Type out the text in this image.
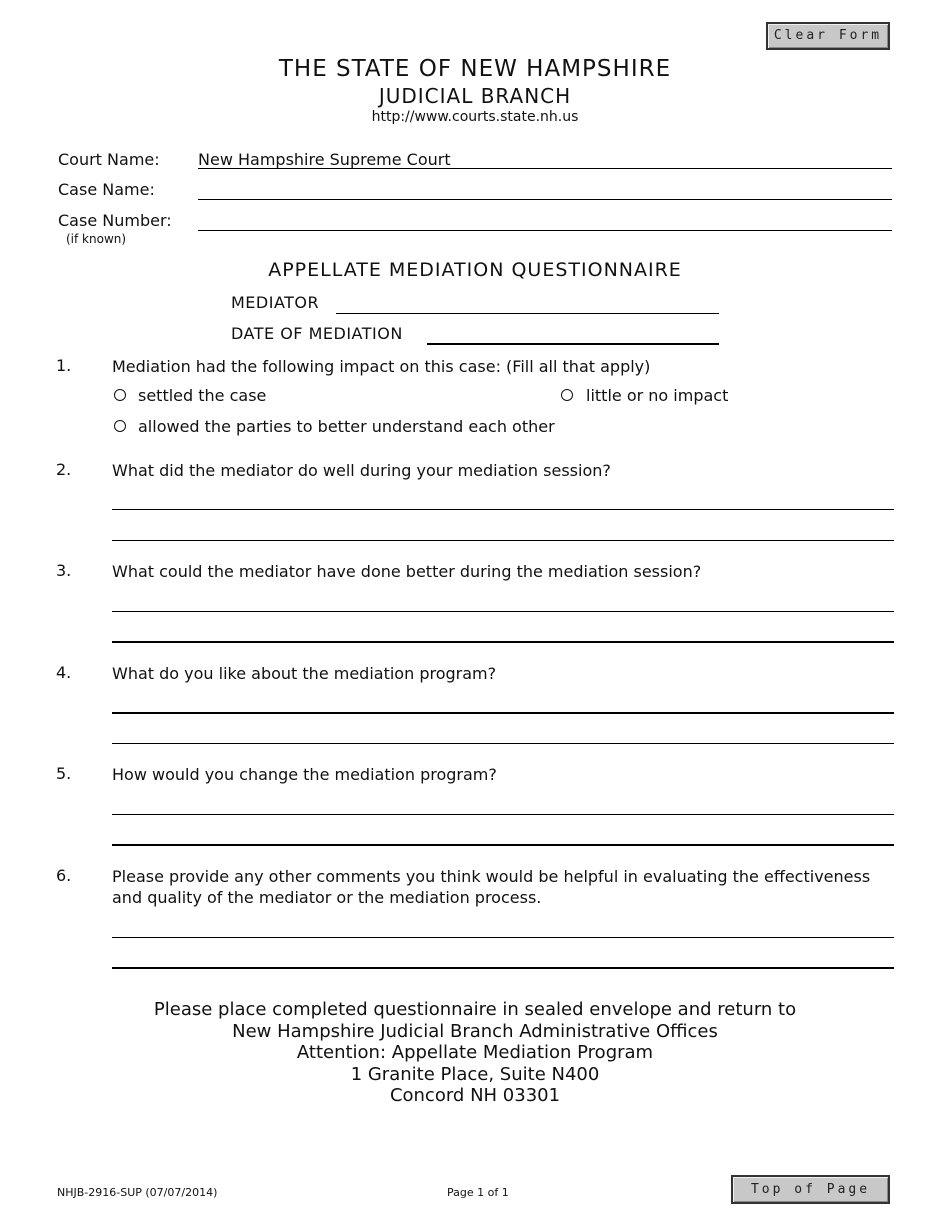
Clear Form
THE STATE OF NEW HAMPSHIRE
JUDICIAL BRANCH
http://www.courts.state.nh.us
Court Name: New Hampshire Supreme Court
Case Name:
Case Number:
(if known)
APPELLATE MEDIATION QUESTIONNAIRE
MEDIATOR
DATE OF MEDIATION
1.	Mediation had the following impact on this case: (Fill all that apply)
settled the case	little or no impact
allowed the parties to better understand each other
2.	What did the mediator do well during your mediation session?
3.	What could the mediator have done better during the mediation session?
4.	What do you like about the mediation program?
5.	How would you change the mediation program?
6.	Please provide any other comments you think would be helpful in evaluating the effectiveness and quality of the mediator or the mediation process.
Please place completed questionnaire in sealed envelope and return to
New Hampshire Judicial Branch Administrative Offices
Attention: Appellate Mediation Program
1 Granite Place, Suite N400
Concord NH 03301
NHJB-2916-SUP (07/07/2014)	Page 1 of 1	Top of Page
